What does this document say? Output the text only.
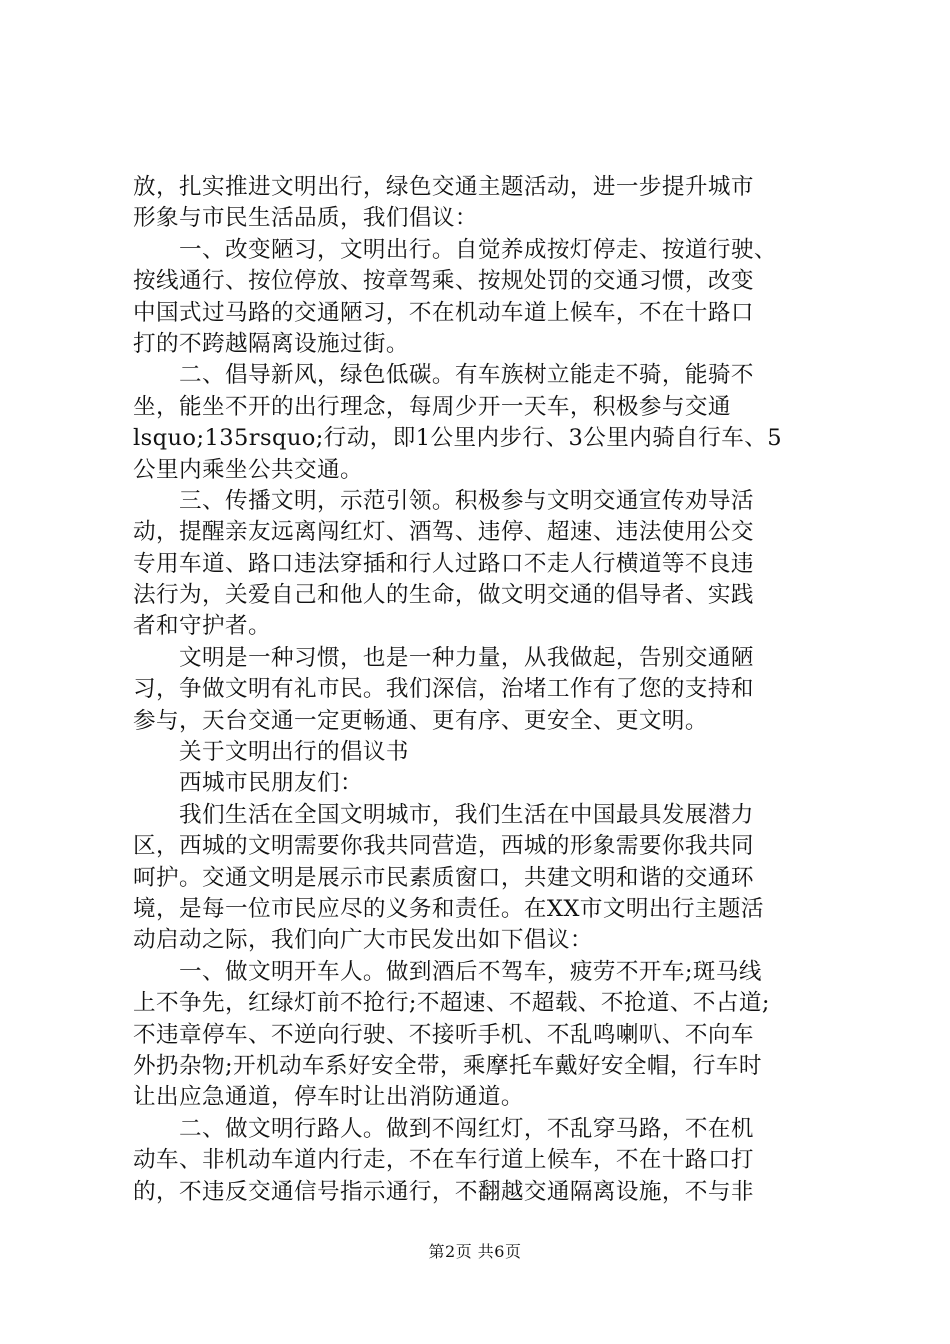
放，扎实推进文明出行，绿色交通主题活动，进一步提升城市
形象与市民生活品质，我们倡议：
　　一、改变陋习，文明出行。自觉养成按灯停走、按道行驶、
按线通行、按位停放、按章驾乘、按规处罚的交通习惯，改变
中国式过马路的交通陋习，不在机动车道上候车，不在十路口
打的不跨越隔离设施过街。
　　二、倡导新风，绿色低碳。有车族树立能走不骑，能骑不
坐，能坐不开的出行理念，每周少开一天车，积极参与交通
lsquo;135rsquo;行动，即1公里内步行、3公里内骑自行车、5
公里内乘坐公共交通。
　　三、传播文明，示范引领。积极参与文明交通宣传劝导活
动，提醒亲友远离闯红灯、酒驾、违停、超速、违法使用公交
专用车道、路口违法穿插和行人过路口不走人行横道等不良违
法行为，关爱自己和他人的生命，做文明交通的倡导者、实践
者和守护者。
　　文明是一种习惯，也是一种力量，从我做起，告别交通陋
习，争做文明有礼市民。我们深信，治堵工作有了您的支持和
参与，天台交通一定更畅通、更有序、更安全、更文明。
　　关于文明出行的倡议书
　　西城市民朋友们：
　　我们生活在全国文明城市，我们生活在中国最具发展潜力
区，西城的文明需要你我共同营造，西城的形象需要你我共同
呵护。交通文明是展示市民素质窗口，共建文明和谐的交通环
境，是每一位市民应尽的义务和责任。在XX市文明出行主题活
动启动之际，我们向广大市民发出如下倡议：
　　一、做文明开车人。做到酒后不驾车，疲劳不开车;斑马线
上不争先，红绿灯前不抢行;不超速、不超载、不抢道、不占道;
不违章停车、不逆向行驶、不接听手机、不乱鸣喇叭、不向车
外扔杂物;开机动车系好安全带，乘摩托车戴好安全帽，行车时
让出应急通道，停车时让出消防通道。
　　二、做文明行路人。做到不闯红灯，不乱穿马路，不在机
动车、非机动车道内行走，不在车行道上候车，不在十路口打
的，不违反交通信号指示通行，不翻越交通隔离设施，不与非
第2页 共6页
